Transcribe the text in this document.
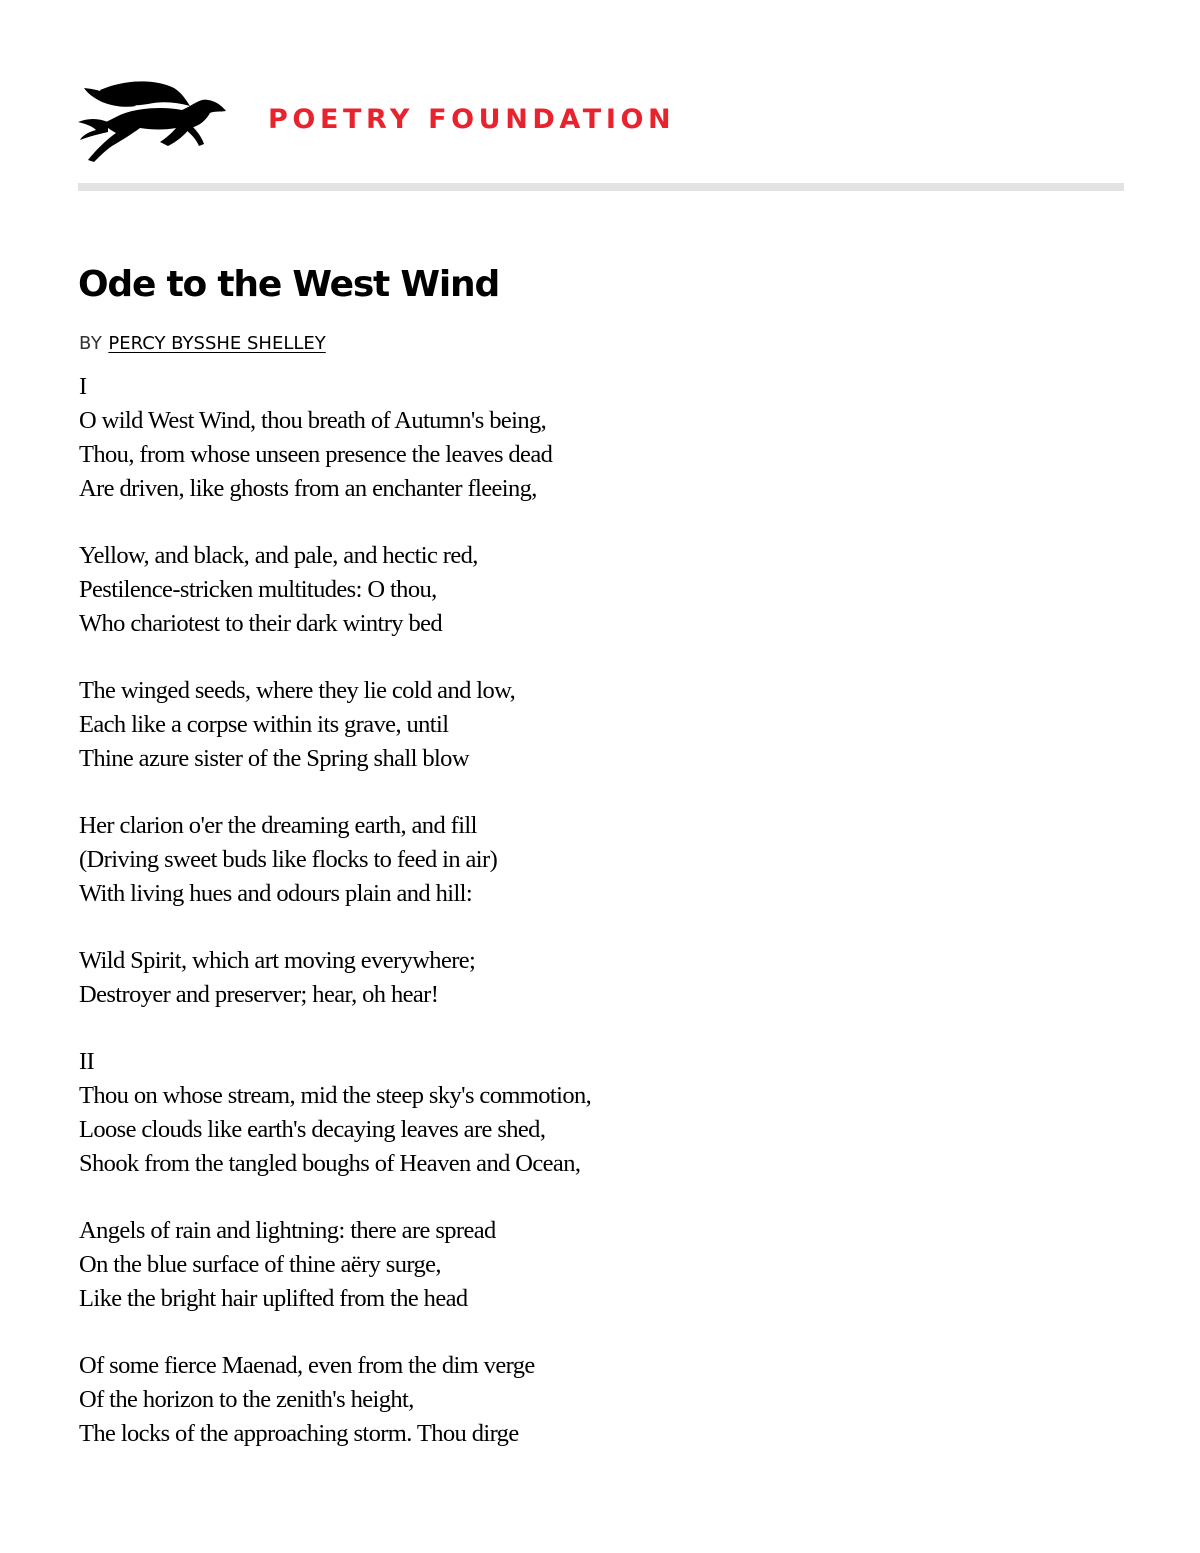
POETRY FOUNDATION
Ode to the West Wind
BY PERCY BYSSHE SHELLEY
I
O wild West Wind, thou breath of Autumn's being,
Thou, from whose unseen presence the leaves dead
Are driven, like ghosts from an enchanter fleeing,
Yellow, and black, and pale, and hectic red,
Pestilence-stricken multitudes: O thou,
Who chariotest to their dark wintry bed
The winged seeds, where they lie cold and low,
Each like a corpse within its grave, until
Thine azure sister of the Spring shall blow
Her clarion o'er the dreaming earth, and fill
(Driving sweet buds like flocks to feed in air)
With living hues and odours plain and hill:
Wild Spirit, which art moving everywhere;
Destroyer and preserver; hear, oh hear!
II
Thou on whose stream, mid the steep sky's commotion,
Loose clouds like earth's decaying leaves are shed,
Shook from the tangled boughs of Heaven and Ocean,
Angels of rain and lightning: there are spread
On the blue surface of thine aëry surge,
Like the bright hair uplifted from the head
Of some fierce Maenad, even from the dim verge
Of the horizon to the zenith's height,
The locks of the approaching storm. Thou dirge
